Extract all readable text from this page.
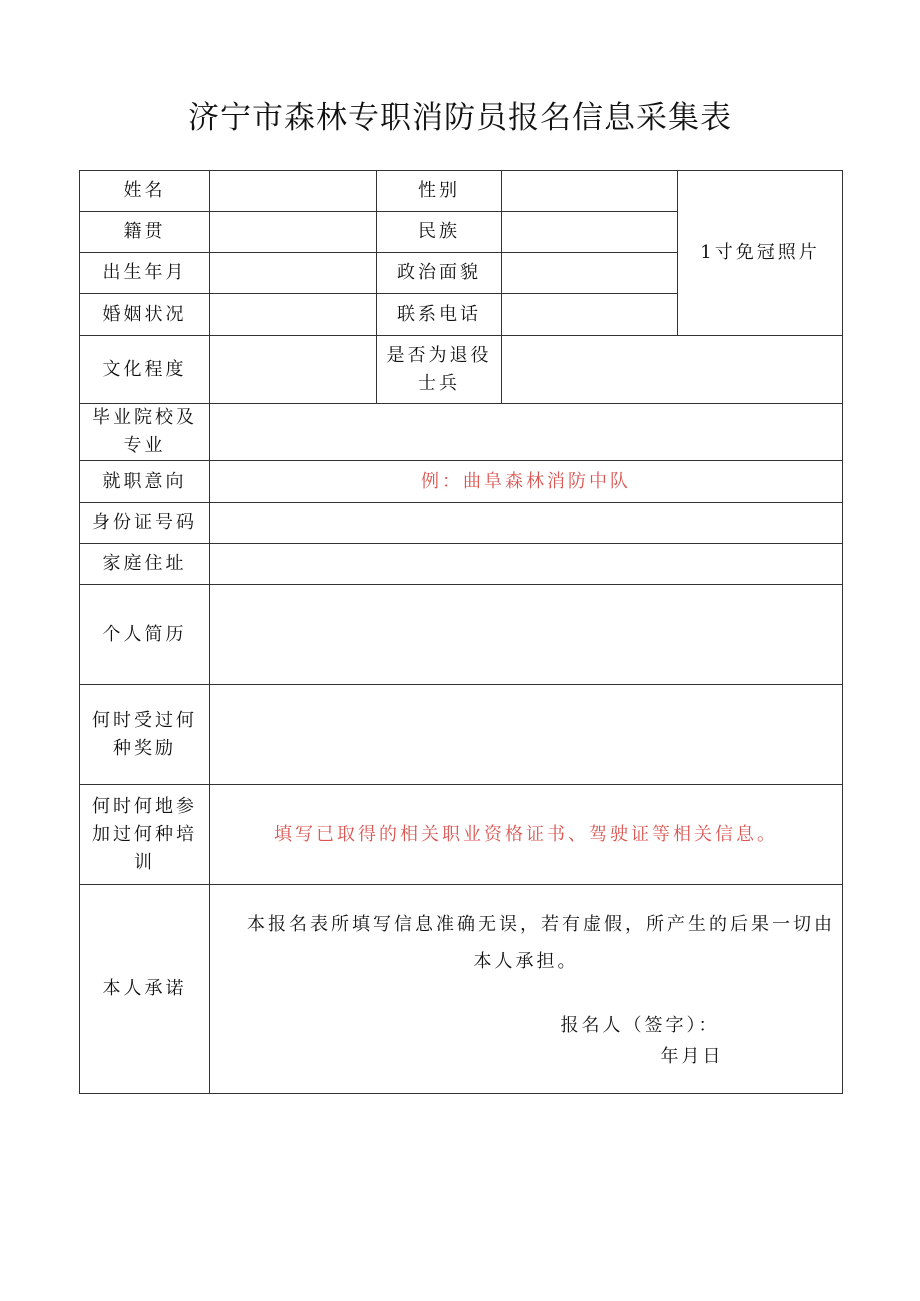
济宁市森林专职消防员报名信息采集表
姓名		性别		1寸免冠照片
籍贯		民族		
出生年月		政治面貌		
婚姻状况		联系电话		
文化程度		是否为退役士兵		
毕业院校及专业				
就职意向	例：曲阜森林消防中队			
身份证号码				
家庭住址				
个人简历				
何时受过何种奖励				
何时何地参加过何种培训	填写已取得的相关职业资格证书、驾驶证等相关信息。			
本人承诺	本报名表所填写信息准确无误，若有虚假，所产生的后果一切由本人承担。

报名人（签字）：
年月日			
